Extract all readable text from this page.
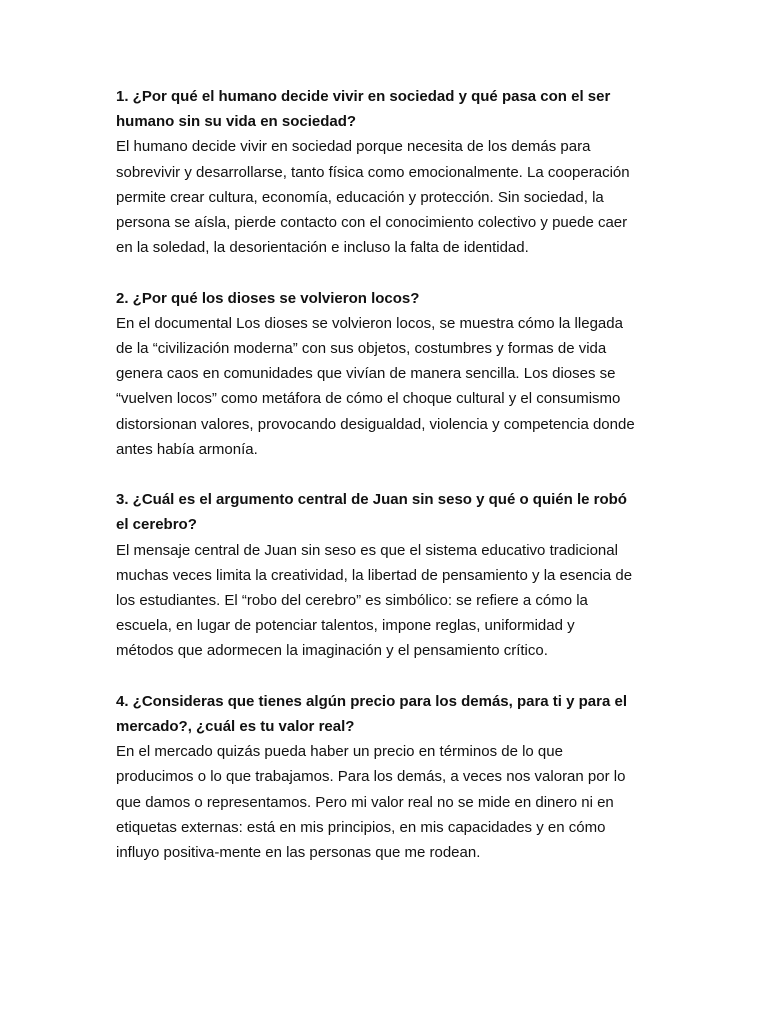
1. ¿Por qué el humano decide vivir en sociedad y qué pasa con el ser
humano sin su vida en sociedad?

El humano decide vivir en sociedad porque necesita de los demás para
sobrevivir y desarrollarse, tanto física como emocionalmente. La cooperación
permite crear cultura, economía, educación y protección. Sin sociedad, la
persona se aísla, pierde contacto con el conocimiento colectivo y puede caer
en la soledad, la desorientación e incluso la falta de identidad.

2. ¿Por qué los dioses se volvieron locos?

En el documental Los dioses se volvieron locos, se muestra cómo la llegada
de la “civilización moderna” con sus objetos, costumbres y formas de vida
genera caos en comunidades que vivían de manera sencilla. Los dioses se
“vuelven locos” como metáfora de cómo el choque cultural y el consumismo
distorsionan valores, provocando desigualdad, violencia y competencia donde
antes había armonía.

3. ¿Cuál es el argumento central de Juan sin seso y qué o quién le robó
el cerebro?

El mensaje central de Juan sin seso es que el sistema educativo tradicional
muchas veces limita la creatividad, la libertad de pensamiento y la esencia de
los estudiantes. El “robo del cerebro” es simbólico: se refiere a cómo la
escuela, en lugar de potenciar talentos, impone reglas, uniformidad y
métodos que adormecen la imaginación y el pensamiento crítico.

4. ¿Consideras que tienes algún precio para los demás, para ti y para el
mercado?, ¿cuál es tu valor real?

En el mercado quizás pueda haber un precio en términos de lo que
producimos o lo que trabajamos. Para los demás, a veces nos valoran por lo
que damos o representamos. Pero mi valor real no se mide en dinero ni en
etiquetas externas: está en mis principios, en mis capacidades y en cómo
influyo positiva-mente en las personas que me rodean.
